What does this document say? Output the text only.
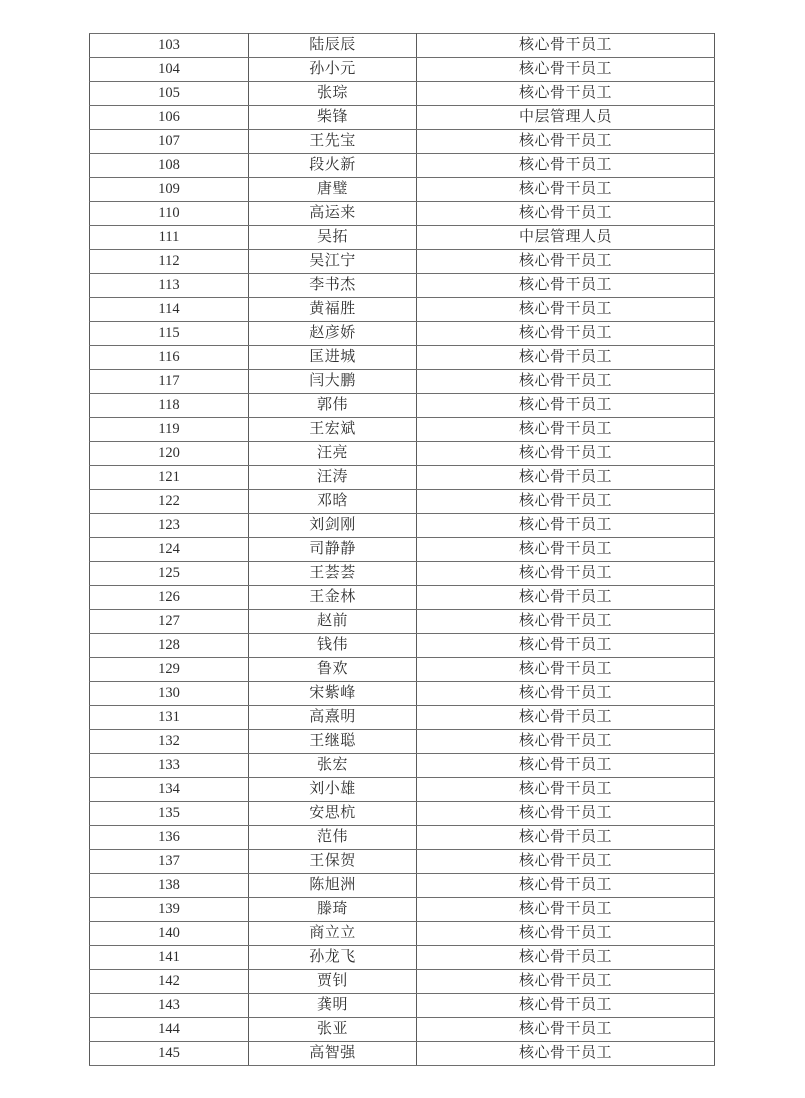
103	陆辰辰	核心骨干员工
104	孙小元	核心骨干员工
105	张琮	核心骨干员工
106	柴锋	中层管理人员
107	王先宝	核心骨干员工
108	段火新	核心骨干员工
109	唐璧	核心骨干员工
110	高运来	核心骨干员工
111	吴拓	中层管理人员
112	吴江宁	核心骨干员工
113	李书杰	核心骨干员工
114	黄福胜	核心骨干员工
115	赵彦娇	核心骨干员工
116	匡进城	核心骨干员工
117	闫大鹏	核心骨干员工
118	郭伟	核心骨干员工
119	王宏斌	核心骨干员工
120	汪亮	核心骨干员工
121	汪涛	核心骨干员工
122	邓晗	核心骨干员工
123	刘剑刚	核心骨干员工
124	司静静	核心骨干员工
125	王荟荟	核心骨干员工
126	王金林	核心骨干员工
127	赵前	核心骨干员工
128	钱伟	核心骨干员工
129	鲁欢	核心骨干员工
130	宋紫峰	核心骨干员工
131	高熹明	核心骨干员工
132	王继聪	核心骨干员工
133	张宏	核心骨干员工
134	刘小雄	核心骨干员工
135	安思杭	核心骨干员工
136	范伟	核心骨干员工
137	王保贺	核心骨干员工
138	陈旭洲	核心骨干员工
139	滕琦	核心骨干员工
140	商立立	核心骨干员工
141	孙龙飞	核心骨干员工
142	贾钊	核心骨干员工
143	龚明	核心骨干员工
144	张亚	核心骨干员工
145	高智强	核心骨干员工
